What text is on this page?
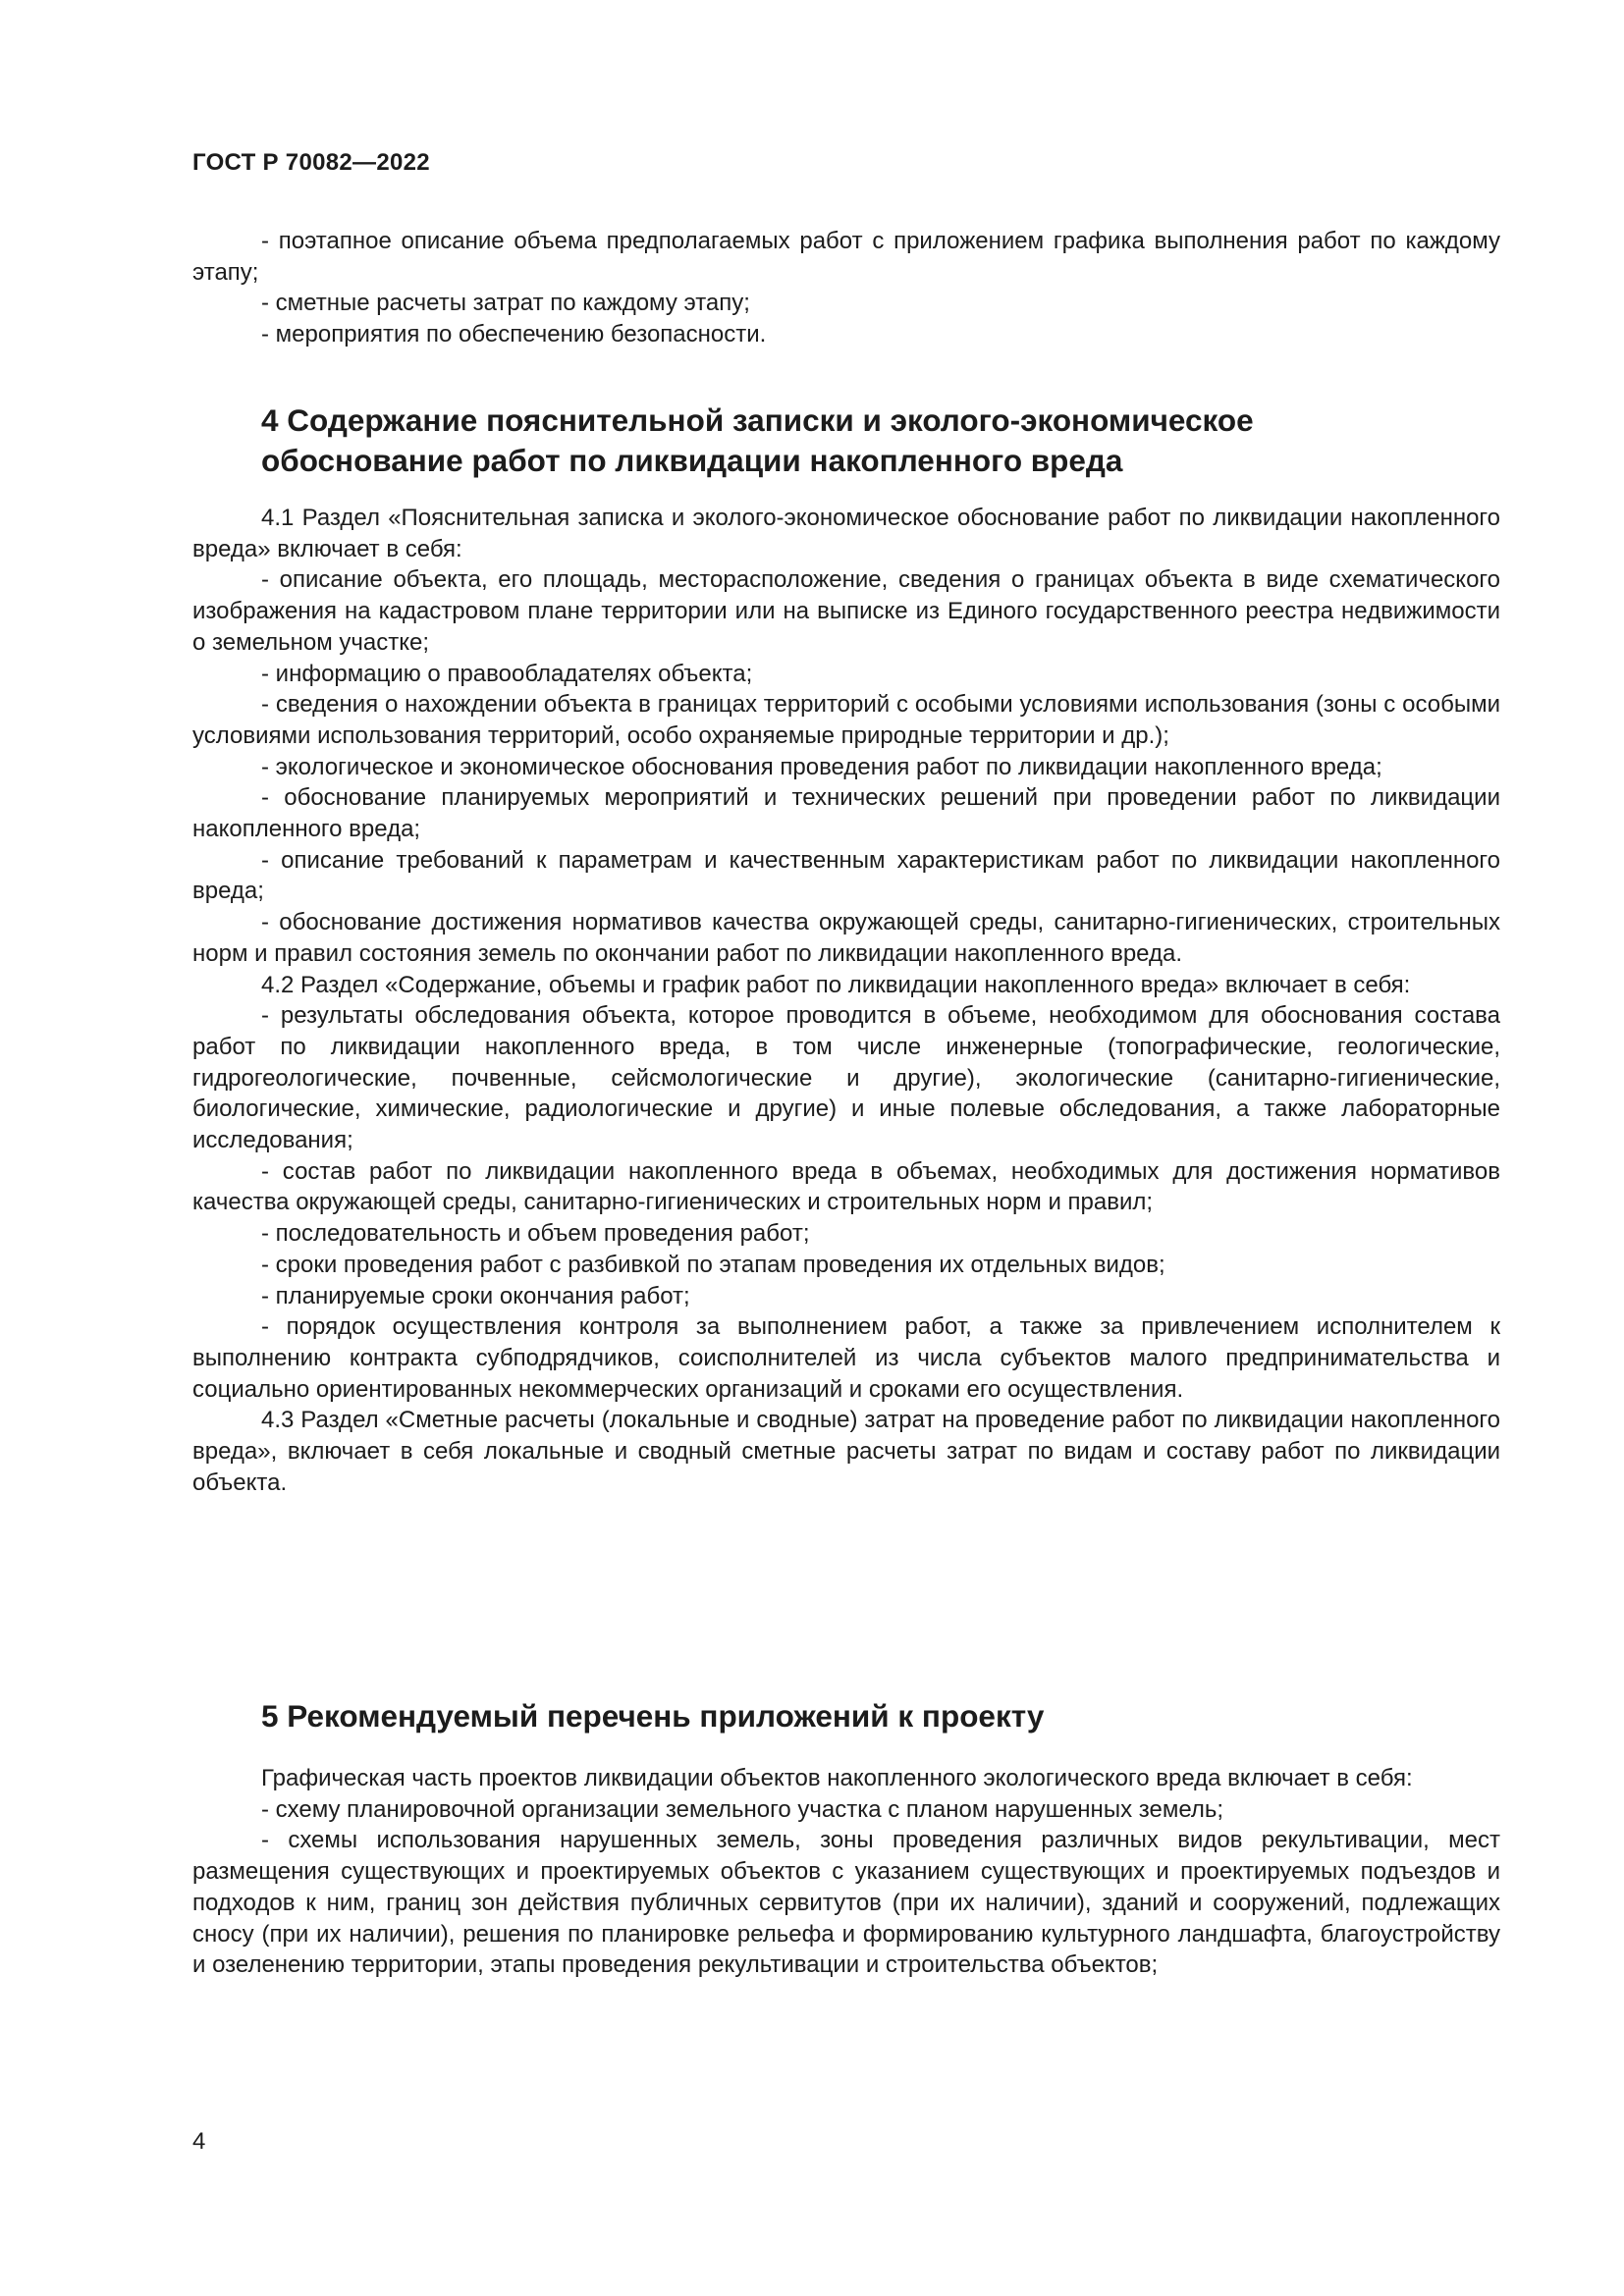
ГОСТ Р 70082—2022

- поэтапное описание объема предполагаемых работ с приложением графика выполнения работ по каждому этапу;

- сметные расчеты затрат по каждому этапу;

- мероприятия по обеспечению безопасности.

4 Содержание пояснительной записки и эколого-экономическое
обоснование работ по ликвидации накопленного вреда

4.1 Раздел «Пояснительная записка и эколого-экономическое обоснование работ по ликвидации накопленного вреда» включает в себя:

- описание объекта, его площадь, месторасположение, сведения о границах объекта в виде схематического изображения на кадастровом плане территории или на выписке из Единого государственного реестра недвижимости о земельном участке;

- информацию о правообладателях объекта;

- сведения о нахождении объекта в границах территорий с особыми условиями использования (зоны с особыми условиями использования территорий, особо охраняемые природные территории и др.);

- экологическое и экономическое обоснования проведения работ по ликвидации накопленного вреда;

- обоснование планируемых мероприятий и технических решений при проведении работ по ликвидации накопленного вреда;

- описание требований к параметрам и качественным характеристикам работ по ликвидации накопленного вреда;

- обоснование достижения нормативов качества окружающей среды, санитарно-гигиенических, строительных норм и правил состояния земель по окончании работ по ликвидации накопленного вреда.

4.2 Раздел «Содержание, объемы и график работ по ликвидации накопленного вреда» включает в себя:

- результаты обследования объекта, которое проводится в объеме, необходимом для обоснования состава работ по ликвидации накопленного вреда, в том числе инженерные (топографические, геологические, гидрогеологические, почвенные, сейсмологические и другие), экологические (санитарно-гигиенические, биологические, химические, радиологические и другие) и иные полевые обследования, а также лабораторные исследования;

- состав работ по ликвидации накопленного вреда в объемах, необходимых для достижения нормативов качества окружающей среды, санитарно-гигиенических и строительных норм и правил;

- последовательность и объем проведения работ;

- сроки проведения работ с разбивкой по этапам проведения их отдельных видов;

- планируемые сроки окончания работ;

- порядок осуществления контроля за выполнением работ, а также за привлечением исполнителем к выполнению контракта субподрядчиков, соисполнителей из числа субъектов малого предпринимательства и социально ориентированных некоммерческих организаций и сроками его осуществления.

4.3 Раздел «Сметные расчеты (локальные и сводные) затрат на проведение работ по ликвидации накопленного вреда», включает в себя локальные и сводный сметные расчеты затрат по видам и составу работ по ликвидации объекта.

5 Рекомендуемый перечень приложений к проекту

Графическая часть проектов ликвидации объектов накопленного экологического вреда включает в себя:

- схему планировочной организации земельного участка с планом нарушенных земель;

- схемы использования нарушенных земель, зоны проведения различных видов рекультивации, мест размещения существующих и проектируемых объектов с указанием существующих и проектируемых подъездов и подходов к ним, границ зон действия публичных сервитутов (при их наличии), зданий и сооружений, подлежащих сносу (при их наличии), решения по планировке рельефа и формированию культурного ландшафта, благоустройству и озеленению территории, этапы проведения рекультивации и строительства объектов;

4
